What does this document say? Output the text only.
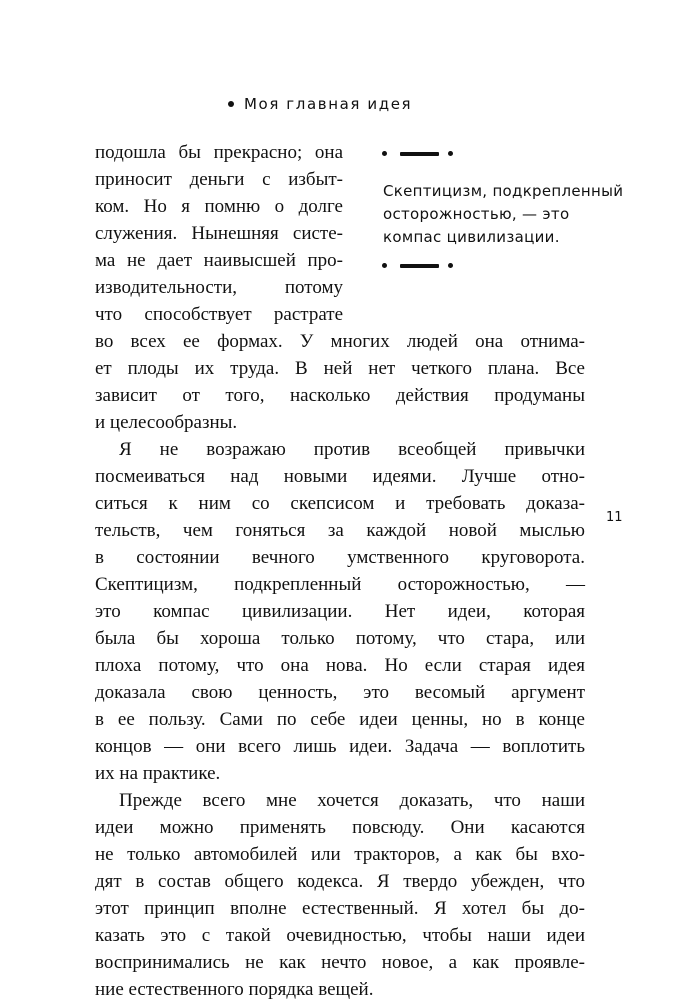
Моя главная идея
Скептицизм, подкрепленный
осторожностью, — это
компас цивилизации.
11
подошла бы прекрасно; она
приносит деньги с избыт-
ком. Но я помню о долге
служения. Нынешняя систе-
ма не дает наивысшей про-
изводительности, потому
что способствует растрате
во всех ее формах. У многих людей она отнима-
ет плоды их труда. В ней нет четкого плана. Все
зависит от того, насколько действия продуманы
и целесообразны.
Я не возражаю против всеобщей привычки
посмеиваться над новыми идеями. Лучше отно-
ситься к ним со скепсисом и требовать доказа-
тельств, чем гоняться за каждой новой мыслью
в состоянии вечного умственного круговорота.
Скептицизм, подкрепленный осторожностью, —
это компас цивилизации. Нет идеи, которая
была бы хороша только потому, что стара, или
плоха потому, что она нова. Но если старая идея
доказала свою ценность, это весомый аргумент
в ее пользу. Сами по себе идеи ценны, но в конце
концов — они всего лишь идеи. Задача — воплотить
их на практике.
Прежде всего мне хочется доказать, что наши
идеи можно применять повсюду. Они касаются
не только автомобилей или тракторов, а как бы вхо-
дят в состав общего кодекса. Я твердо убежден, что
этот принцип вполне естественный. Я хотел бы до-
казать это с такой очевидностью, чтобы наши идеи
воспринимались не как нечто новое, а как проявле-
ние естественного порядка вещей.
